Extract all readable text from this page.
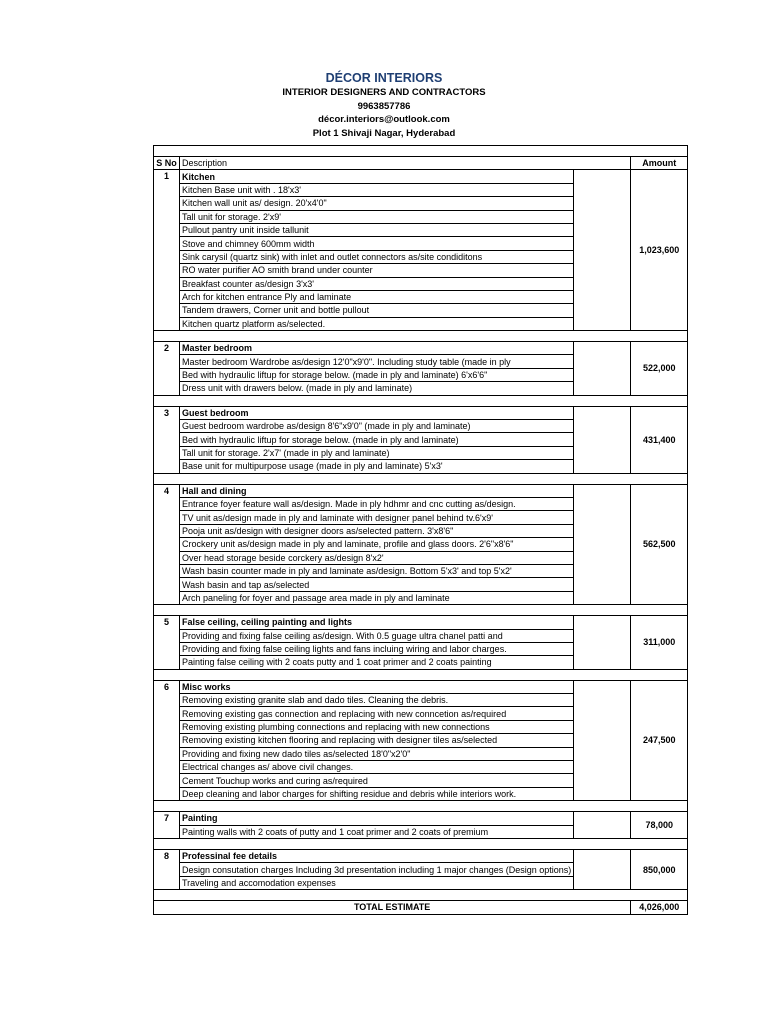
DÉCOR INTERIORS
INTERIOR DESIGNERS AND CONTRACTORS
9963857786
décor.interiors@outlook.com
Plot 1 Shivaji Nagar, Hyderabad

S No	Description		Amount
1	Kitchen		1,023,600
	Kitchen Base unit with . 18'x3'		
	Kitchen wall unit as/ design. 20'x4'0"		
	Tall unit for storage. 2'x9'		
	Pullout pantry unit inside tallunit		
	Stove and chimney 600mm width		
	Sink carysil (quartz sink) with inlet and outlet connectors as/site condiditons		
	RO water purifier AO smith brand under counter		
	Breakfast counter as/design 3'x3'		
	Arch for kitchen entrance Ply and laminate		
	Tandem drawers, Corner unit and bottle pullout		
	Kitchen quartz platform as/selected.		

2	Master bedroom		522,000
	Master bedroom Wardrobe as/design 12'0"x9'0". Including study table (made in ply		
	Bed with hydraulic liftup for storage below. (made in ply and laminate) 6'x6'6"		
	Dress unit with drawers below. (made in ply and laminate)		

3	Guest bedroom		431,400
	Guest bedroom wardrobe as/design 8'6"x9'0" (made in ply and laminate)		
	Bed with hydraulic liftup for storage below. (made in ply and laminate)		
	Tall unit for storage. 2'x7' (made in ply and laminate)		
	Base unit for multipurpose usage (made in ply and laminate) 5'x3'		

4	Hall and dining		562,500
	Entrance foyer feature wall as/design. Made in ply hdhmr and cnc cutting as/design.		
	TV unit as/design made in ply and laminate with designer panel behind tv.6'x9'		
	Pooja unit as/design with designer doors as/selected pattern. 3'x8'6"		
	Crockery unit as/design made in ply and laminate, profile and glass doors. 2'6"x8'6"		
	Over head storage beside corckery as/design 8'x2'		
	Wash basin counter made in ply and laminate as/design. Bottom 5'x3' and top 5'x2'		
	Wash basin and tap as/selected		
	Arch paneling for foyer and passage area made in ply and laminate		

5	False ceiling, ceiling painting and lights		311,000
	Providing and fixing false ceiling as/design. With 0.5 guage ultra chanel patti and		
	Providing and fixing false ceiling lights and fans incluing wiring and labor charges.		
	Painting false ceiling with 2 coats putty and 1 coat primer and 2 coats painting		

6	Misc works		247,500
	Removing existing granite slab and dado tiles. Cleaning the debris.		
	Removing existing gas connection and replacing with new conncetion as/required		
	Removing existing plumbing connections and replacing with new connections		
	Removing existing kitchen flooring and replacing with designer tiles as/selected		
	Providing and fixing new dado tiles as/selected 18'0"x2'0"		
	Electrical changes as/ above civil changes.		
	Cement Touchup works and curing as/required		
	Deep cleaning and labor charges for shifting residue and debris while interiors work.		

7	Painting		78,000
	Painting walls with 2 coats of putty and 1 coat primer and 2 coats of premium		

8	Professinal fee details		850,000
	Design consutation charges Including 3d presentation including 1 major changes (Design options)		
	Traveling and accomodation expenses		

TOTAL ESTIMATE			4,026,000
